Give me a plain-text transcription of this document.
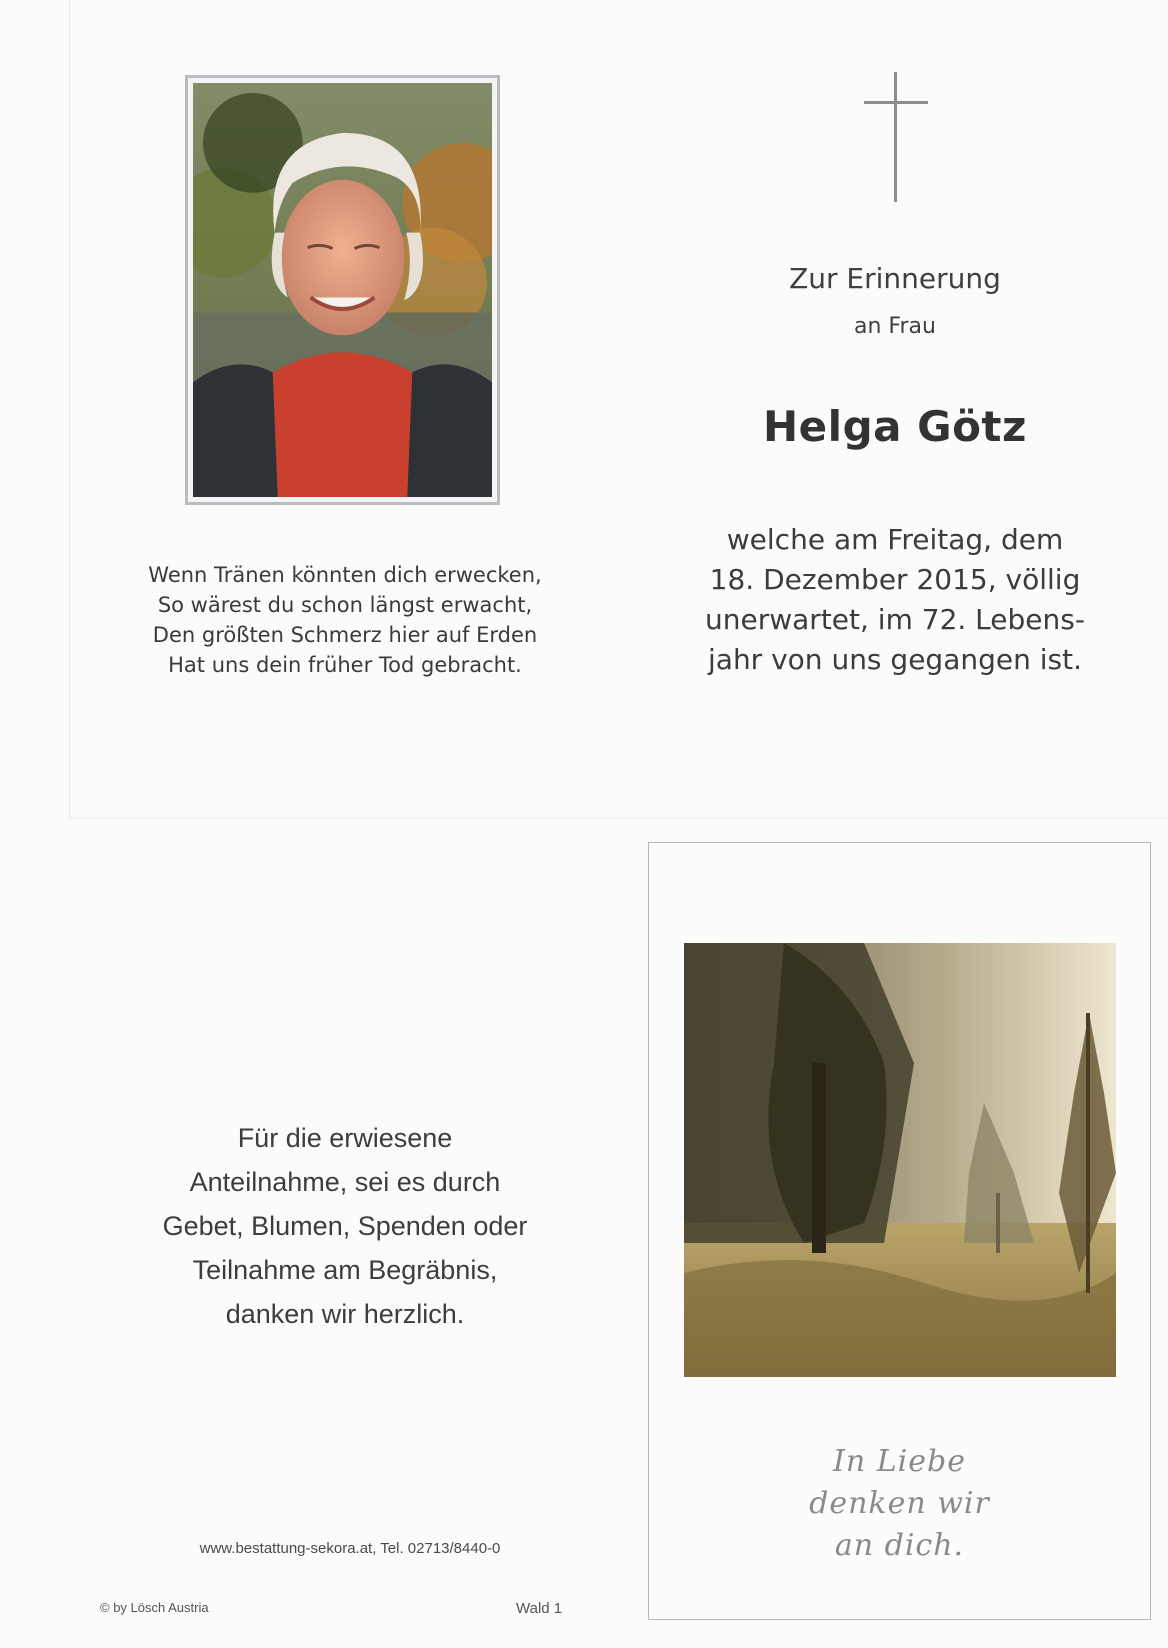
Zur Erinnerung
an Frau
Helga Götz
welche am Freitag, dem
18. Dezember 2015, völlig
unerwartet, im 72. Lebens-
jahr von uns gegangen ist.
Wenn Tränen könnten dich erwecken,
So wärest du schon längst erwacht,
Den größten Schmerz hier auf Erden
Hat uns dein früher Tod gebracht.
Für die erwiesene
Anteilnahme, sei es durch
Gebet, Blumen, Spenden oder
Teilnahme am Begräbnis,
danken wir herzlich.
www.bestattung-sekora.at, Tel. 02713/8440-0
© by Lösch Austria	Wald 1
In Liebe
denken wir
an dich.
